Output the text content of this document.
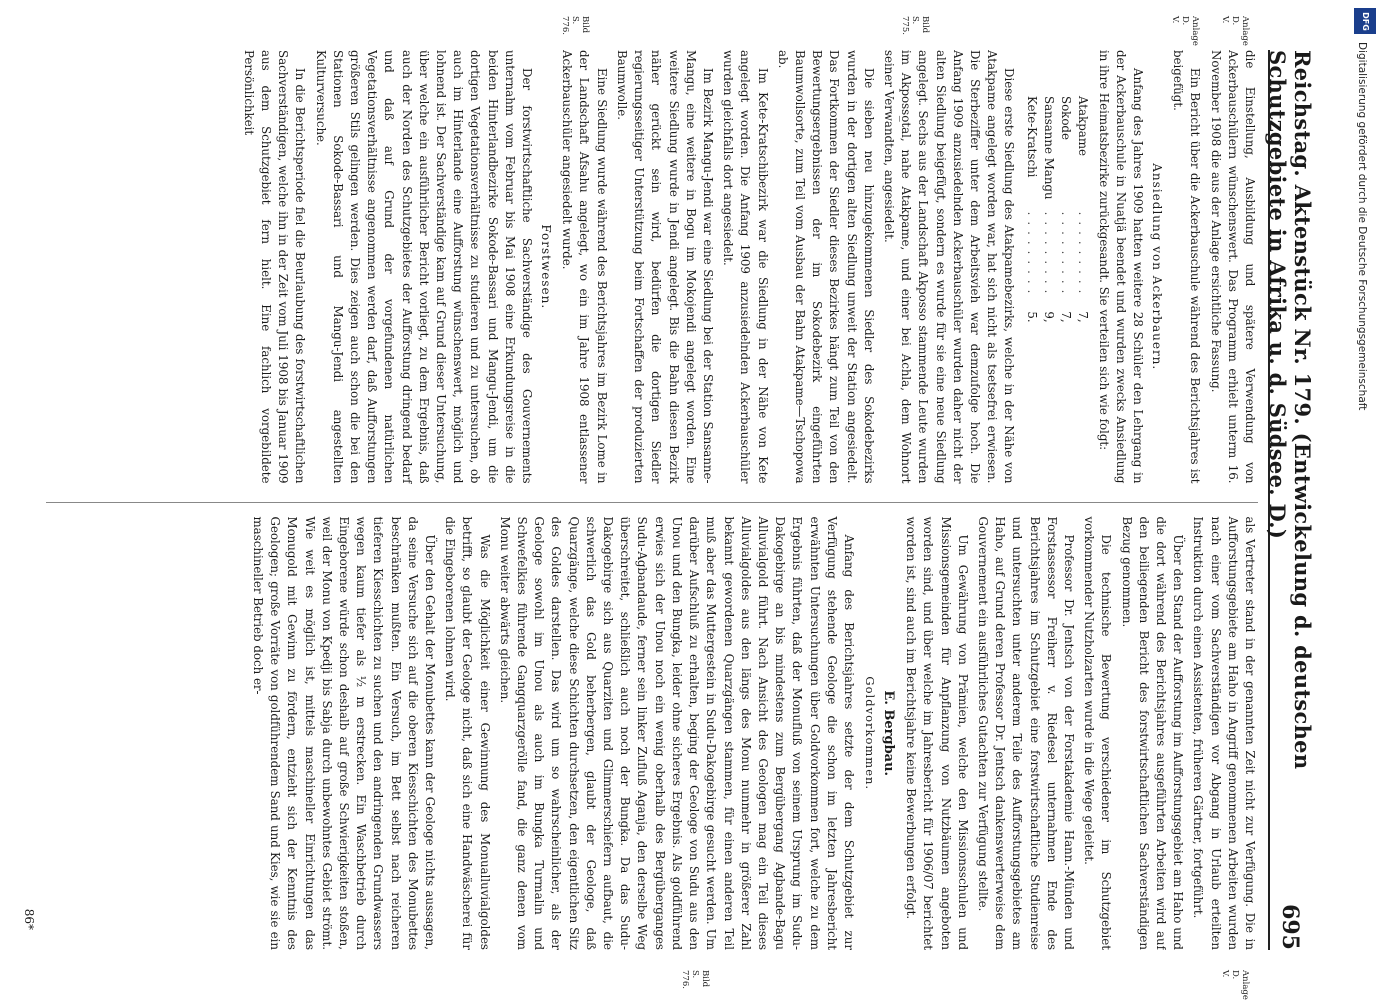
Reichstag. Aktenstück Nr. 179. (Entwickelung d. deutschen Schutzgebiete in Afrika u. d. Südsee. D.)
695

die Einstellung, Ausbildung und spätere Verwendung von Ackerbauschülern wünschenswert. Das Programm erhielt unterm 16. November 1908 die aus der Anlage ersichtliche Fassung.

Ein Bericht über die Ackerbauschule während des Berichtsjahres ist beigefügt.

Ansiedlung von Ackerbauern.

Anfang des Jahres 1909 hatten weitere 28 Schüler den Lehrgang in der Ackerbauschule in Nuatjä beendet und wurden zwecks Ansiedlung in ihre Heimatsbezirke zurückgesandt. Sie verteilen sich wie folgt:

Atakpame	.........	7,
Sokode	.........	7,
Sansanne Mangu	.........	9,
Kete-Kratschi	.........	5.

Diese erste Siedlung des Atakpamebezirks, welche in der Nähe von Atakpame angelegt worden war, hat sich nicht als tsetsefrei erwiesen. Die Sterbeziffer unter dem Arbeitsvieh war demzufolge hoch. Die Anfang 1909 anzusiedelnden Ackerbauschüler wurden daher nicht der alten Siedlung beigefügt, sondern es wurde für sie eine neue Siedlung angelegt. Sechs aus der Landschaft Akposso stammende Leute wurden im Akposso̲tal, nahe Atakpame, und einer bei Achla, dem Wohnort seiner Verwandten, angesiedelt.

Die sieben neu hinzugekommenen Siedler des Sokodebezirks wurden in der dortigen alten Siedlung unweit der Station angesiedelt. Das Fortkommen der Siedler dieses Bezirkes hängt zum Teil von den Bewertungsergebnissen der im Sokodebezirk eingeführten Baumwollsorte, zum Teil vom Ausbau der Bahn Atakpame—Tschopowa ab.

Im Kete-Kratschibezirk war die Siedlung in der Nähe von Kete angelegt worden. Die Anfang 1909 anzusiedelnden Ackerbauschüler wurden gleichfalls dort angesiedelt.

Im Bezirk Mangu-Jendi war eine Siedlung bei der Station Sansanne-Mangu, eine weitere in Bogu im Mokojendi angelegt worden. Eine weitere Siedlung wurde in Jendi angelegt. Bis die Bahn diesen Bezirk näher gerückt sein wird, bedürfen die dortigen Siedler regierungsseitiger Unterstützung beim Fortschaffen der produzierten Baumwolle.

Eine Siedlung wurde während des Berichtsjahres im Bezirk Lome in der Landschaft Afsahu angelegt, wo ein im Jahre 1908 entlassener Ackerbauschüler angesiedelt wurde.

Forstwesen.

Der forstwirtschaftliche Sachverständige des Gouvernements unternahm vom Februar bis Mai 1908 eine Erkundungsreise in die beiden Hinterlandbezirke Sokode-Bassari und Mangu-Jendi, um die dortigen Vegetationsverhältnisse zu studieren und zu untersuchen, ob auch im Hinterlande eine Aufforstung wünschenswert, möglich und lohnend ist. Der Sachverständige kam auf Grund dieser Untersuchung, über welche ein ausführlicher Bericht vorliegt, zu dem Ergebnis, daß auch der Norden des Schutzgebietes der Aufforstung dringend bedarf und daß auf Grund der vorgefundenen natürlichen Vegetationsverhältnisse angenommen werden darf, daß Aufforstungen größeren Stils gelingen werden. Dies zeigen auch schon die bei den Stationen Sokode-Bassari und Mangu-Jendi angestellten Kulturversuche.

In die Berichtsperiode fiel die Beurlaubung des forstwirtschaftlichen Sachverständigen, welche ihn in der Zeit vom Juli 1908 bis Januar 1909 aus dem Schutzgebiet fern hielt. Eine fachlich vorgebildete Persönlichkeit

als Vertreter stand in der genannten Zeit nicht zur Verfügung. Die in Aufforstungsgebiete am Haho in Angriff genommenen Arbeiten wurden nach einer vom Sachverständigen vor Abgang in Urlaub erteilten Instruktion durch einen Assistenten, früheren Gärtner, fortgeführt.

Über den Stand der Aufforstung im Aufforstungsgebiet am Haho und die dort während des Berichtsjahres ausgeführten Arbeiten wird auf den beiliegenden Bericht des forstwirtschaftlichen Sachverständigen Bezug genommen.

Die technische Bewertung verschiedener im Schutzgebiet vorkommender Nutzholzarten wurde in die Wege geleitet.

Professor Dr. Jentsch von der Forstakademie Hann.-Münden und Forstassessor Freiherr v. Riedesel unternahmen Ende des Berichtsjahres im Schutzgebiet eine forstwirtschaftliche Studienreise und untersuchten unter anderem Teile des Aufforstungsgebietes am Haho, auf Grund deren Professor Dr. Jentsch dankenswerterweise dem Gouvernement ein ausführliches Gutachten zur Verfügung stellte.

Um Gewährung von Prämien, welche den Missionsschulen und Missionsgemeinden für Anpflanzung von Nutzbäumen angeboten worden sind, und über welche im Jahresbericht für 1906/07 berichtet worden ist, sind auch im Berichtsjahre keine Bewerbungen erfolgt.

E. Bergbau.
Goldvorkommen.

Anfang des Berichtsjahres setzte der dem Schutzgebiet zur Verfügung stehende Geologe die schon im letzten Jahresbericht erwähnten Untersuchungen über Goldvorkommen fort, welche zu dem Ergebnis führten, daß der Monufluß von seinem Ursprung im Sudu-Dakogebirge an bis mindestens zum Bergübergang Agbande-Bagu Alluvialgold führt. Nach Ansicht des Geologen mag ein Teil dieses Alluvialgoldes aus den längs des Monu nunmehr in größerer Zahl bekannt gewordenen Quarzgängen stammen, für einen anderen Teil muß aber das Muttergestein in Sudu-Dakogebirge gesucht werden. Um darüber Aufschluß zu erhalten, beging der Geologe von Sudu aus den Unou und den Bungka, leider ohne sicheres Ergebnis. Als goldführend erwies sich der Unou noch ein wenig oberhalb des Bergüberganges Sudu-Agbandaude, ferner sein linker Zufluß Aganja, den derselbe Weg überschreitet, schließlich auch noch der Bungka. Da das Sudu-Dakogebirge sich aus Quarziten und Glimmerschiefern aufbaut, die schwerlich das Gold beherbergen, glaubt der Geologe, daß Quarzgänge, welche diese Schichten durchsetzen, den eigentlichen Sitz des Goldes darstellen. Das wird um so wahrscheinlicher, als der Geologe sowohl im Unou als auch im Bungka Turmalin und Schwefelkies führende Gangquarzgerölle fand, die ganz denen vom Monu weiter abwärts gleichen.

Was die Möglichkeit einer Gewinnung des Monualluvialgoldes betrifft, so glaubt der Geologe nicht, daß sich eine Handwäscherei für die Eingeborenen lohnen wird.

Über den Gehalt der Monubettes kann der Geologe nichts aussagen, da seine Versuche sich auf die oberen Kiesschichten des Monubettes beschränken mußten. Ein Versuch, im Bett selbst nach reicheren tieferen Kiesschichten zu suchen und den andringenden Grundwassers wegen kaum tiefer als ½ m erstrecken. Ein Waschbetrieb durch Eingeborene würde schon deshalb auf große Schwierigkeiten stoßen, weil der Monu von Kpedji bis Sabja durch unbewohntes Gebiet strömt. Wie weit es möglich ist, mittels maschineller Einrichtungen das Monugold mit Gewinn zu fördern, entzieht sich der Kenntnis des Geologen; große Vorräte von goldführendem Sand und Kies, wie sie ein maschineller Betrieb doch er-

86*
Anlage D. V.
Anlage D. V.
Bild S. 775.
Bild S. 776.
Anlage D. V.
Bild S. 776.
DFG
Digitalisierung gefördert durch die Deutsche Forschungsgemeinschaft
